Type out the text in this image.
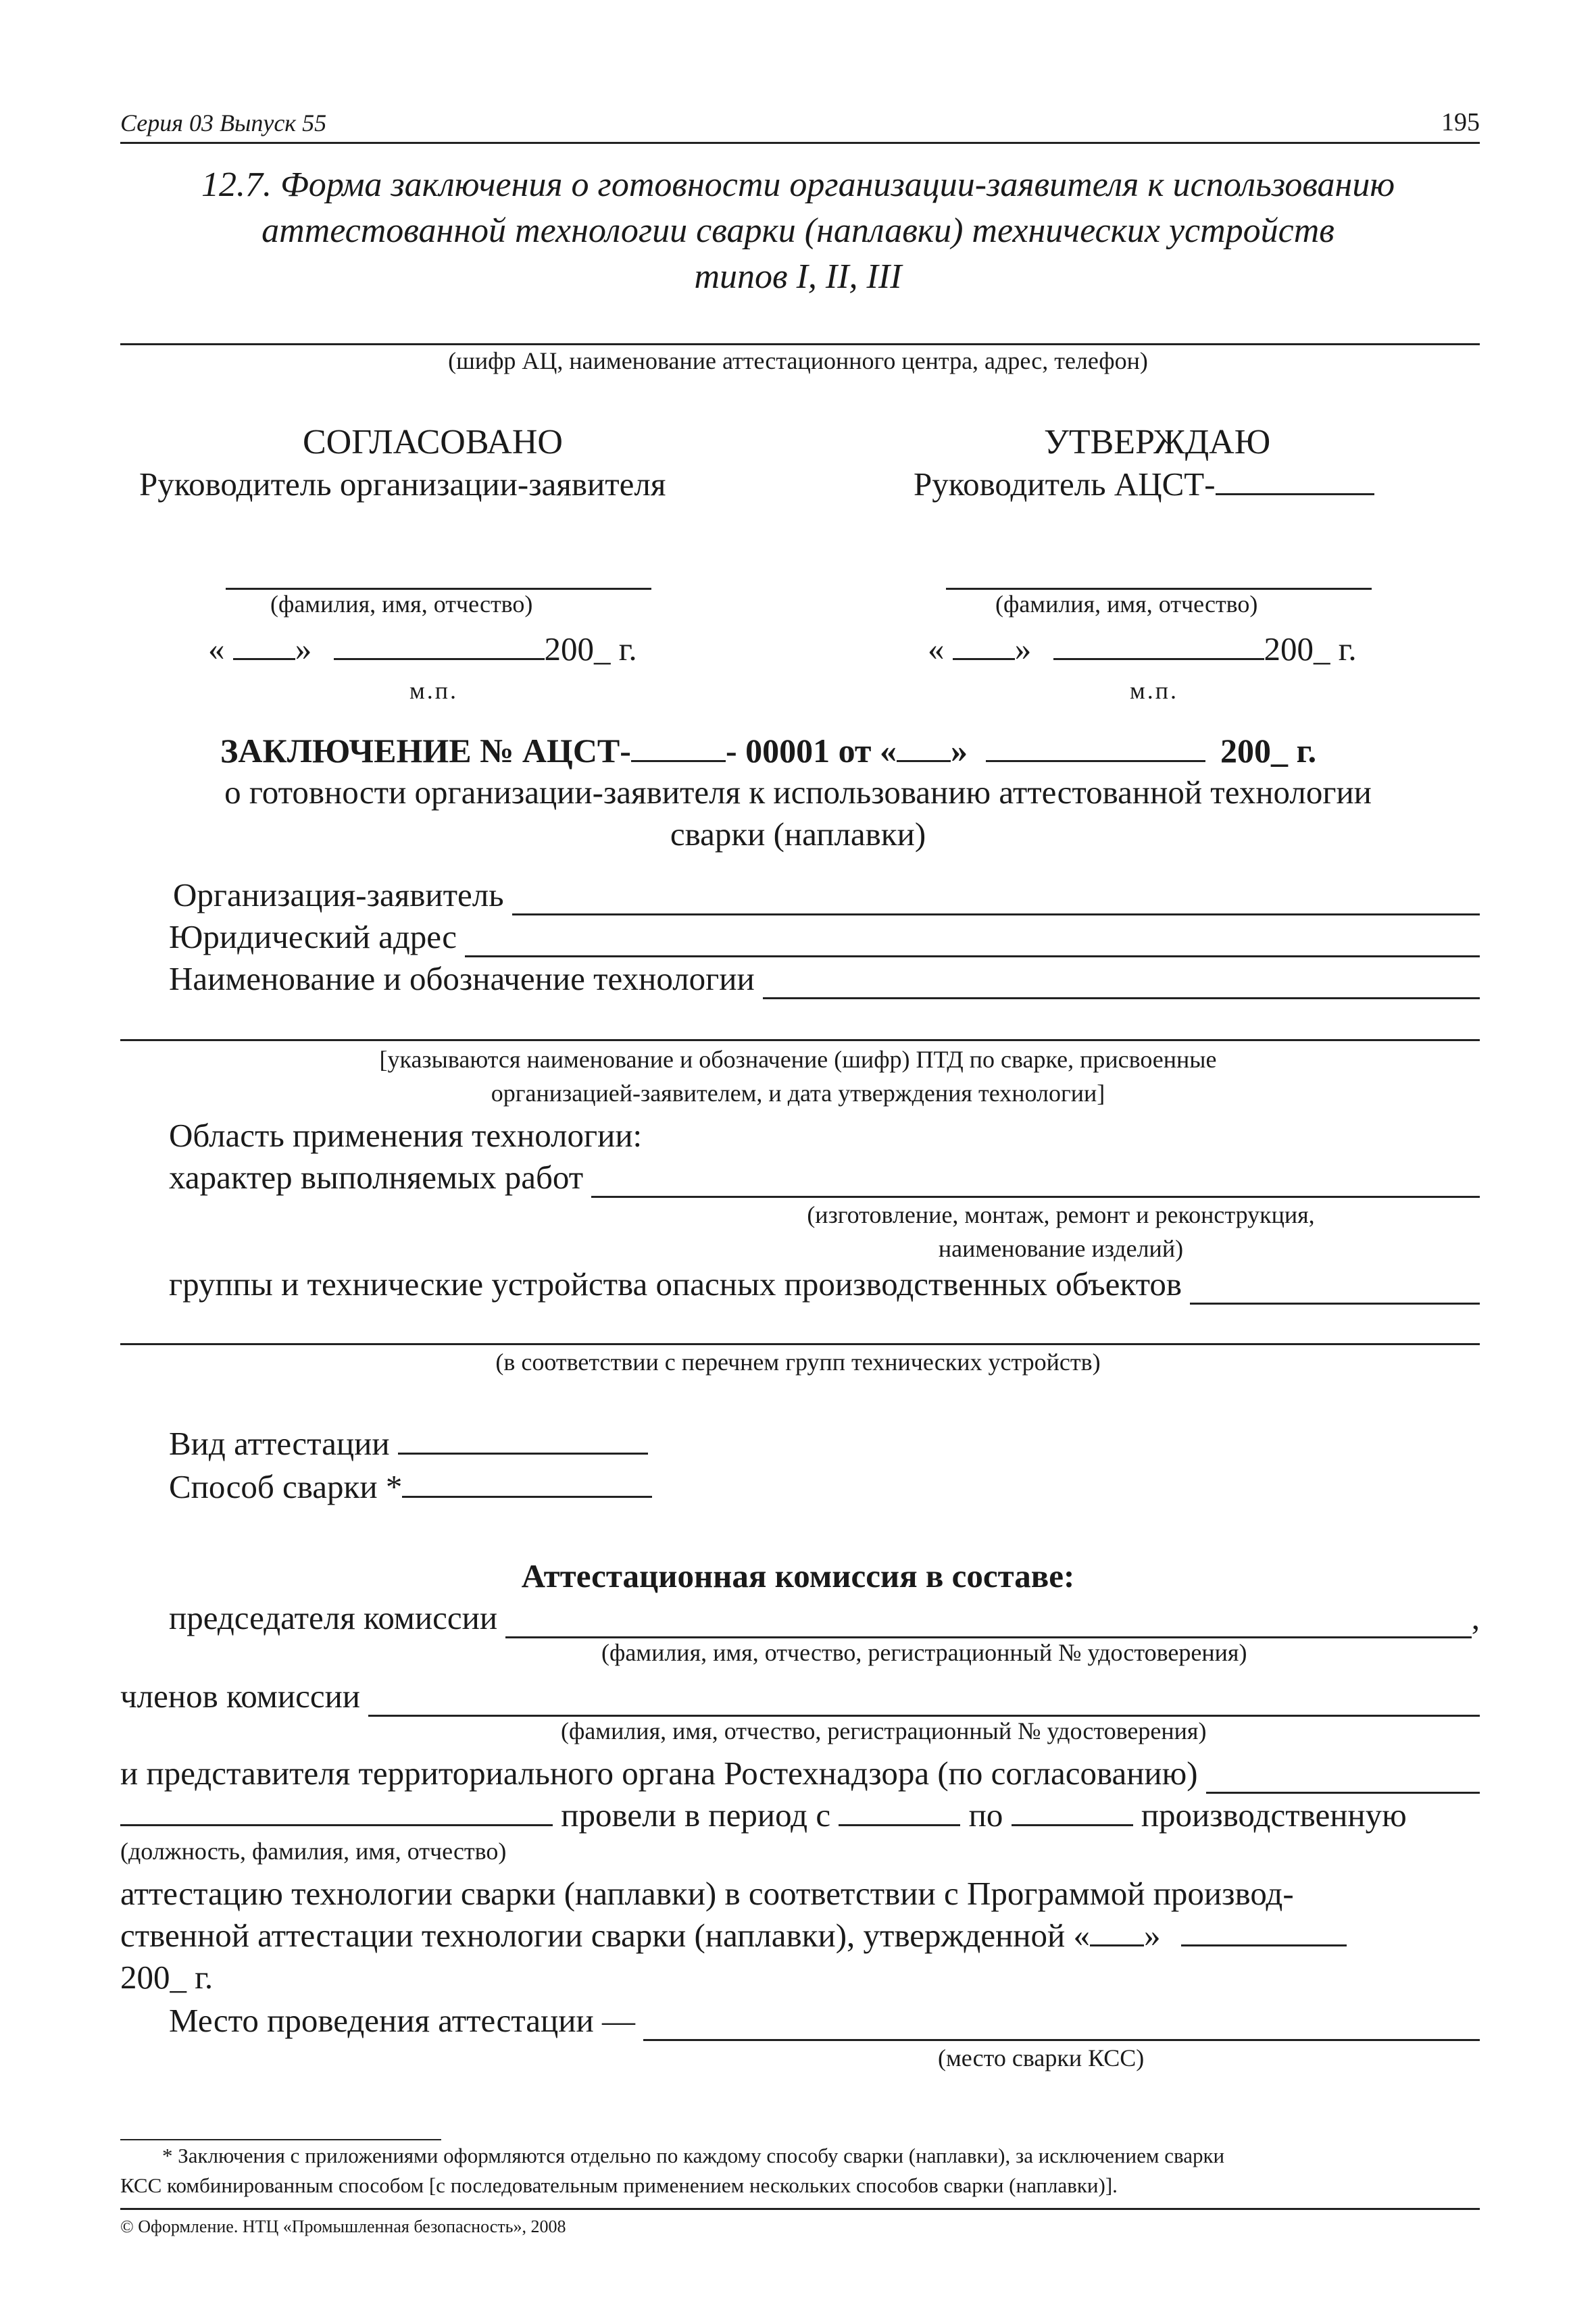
Серия 03 Выпуск 55	195
12.7. Форма заключения о готовности организации-заявителя к использованию
аттестованной технологии сварки (наплавки) технических устройств
типов I, II, III
(шифр АЦ, наименование аттестационного центра, адрес, телефон)
СОГЛАСОВАНО
Руководитель организации-заявителя
УТВЕРЖДАЮ
Руководитель АЦСТ-
(фамилия, имя, отчество)	(фамилия, имя, отчество)
« »	200_ г.	« »	200_ г.
м.п.	м.п.
ЗАКЛЮЧЕНИЕ № АЦСТ-	- 00001 от « »	200_ г.
о готовности организации-заявителя к использованию аттестованной технологии
сварки (наплавки)
Организация-заявитель
Юридический адрес
Наименование и обозначение технологии
[указываются наименование и обозначение (шифр) ПТД по сварке, присвоенные
организацией-заявителем, и дата утверждения технологии]
Область применения технологии:
характер выполняемых работ
(изготовление, монтаж, ремонт и реконструкция,
наименование изделий)
группы и технические устройства опасных производственных объектов
(в соответствии с перечнем групп технических устройств)
Вид аттестации
Способ сварки *
Аттестационная комиссия в составе:
председателя комиссии	,
(фамилия, имя, отчество, регистрационный № удостоверения)
членов комиссии
(фамилия, имя, отчество, регистрационный № удостоверения)
и представителя территориального органа Ростехнадзора (по согласованию)
провели в период с	по	производственную
(должность, фамилия, имя, отчество)
аттестацию технологии сварки (наплавки) в соответствии с Программой производ-
ственной аттестации технологии сварки (наплавки), утвержденной « »
200_ г.
Место проведения аттестации —
(место сварки КСС)
* Заключения с приложениями оформляются отдельно по каждому способу сварки (наплавки), за исключением сварки
КСС комбинированным способом [с последовательным применением нескольких способов сварки (наплавки)].
© Оформление. НТЦ «Промышленная безопасность», 2008
